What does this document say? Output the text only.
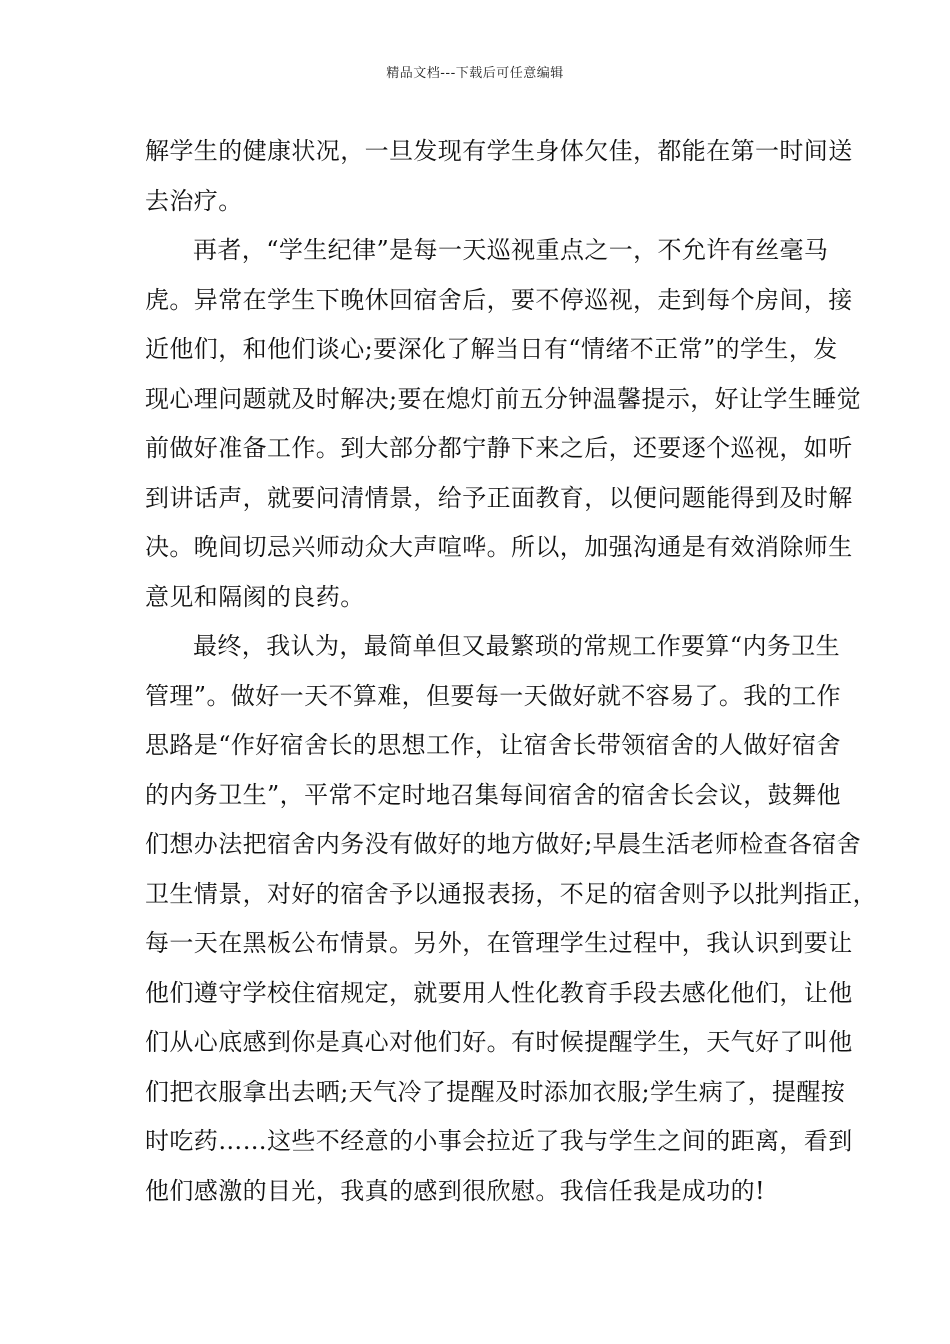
精品文档---下载后可任意编辑
解学生的健康状况，一旦发现有学生身体欠佳，都能在第一时间送
去治疗。
再者，“学生纪律”是每一天巡视重点之一，不允许有丝毫马
虎。异常在学生下晚休回宿舍后，要不停巡视，走到每个房间，接
近他们，和他们谈心;要深化了解当日有“情绪不正常”的学生，发
现心理问题就及时解决;要在熄灯前五分钟温馨提示，好让学生睡觉
前做好准备工作。到大部分都宁静下来之后，还要逐个巡视，如听
到讲话声，就要问清情景，给予正面教育，以便问题能得到及时解
决。晚间切忌兴师动众大声喧哗。所以，加强沟通是有效消除师生
意见和隔阂的良药。
最终，我认为，最简单但又最繁琐的常规工作要算“内务卫生
管理”。做好一天不算难，但要每一天做好就不容易了。我的工作
思路是“作好宿舍长的思想工作，让宿舍长带领宿舍的人做好宿舍
的内务卫生”，平常不定时地召集每间宿舍的宿舍长会议，鼓舞他
们想办法把宿舍内务没有做好的地方做好;早晨生活老师检查各宿舍
卫生情景，对好的宿舍予以通报表扬，不足的宿舍则予以批判指正，
每一天在黑板公布情景。另外，在管理学生过程中，我认识到要让
他们遵守学校住宿规定，就要用人性化教育手段去感化他们，让他
们从心底感到你是真心对他们好。有时候提醒学生，天气好了叫他
们把衣服拿出去晒;天气冷了提醒及时添加衣服;学生病了，提醒按
时吃药……这些不经意的小事会拉近了我与学生之间的距离，看到
他们感激的目光，我真的感到很欣慰。我信任我是成功的!
